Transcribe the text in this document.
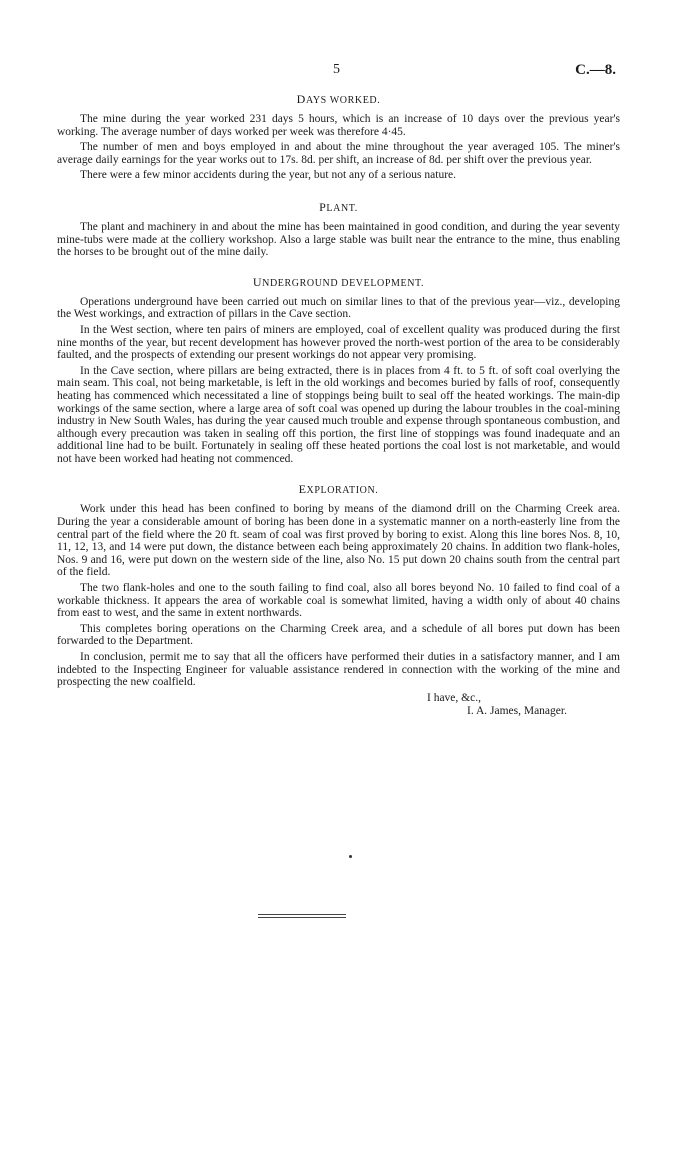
5	C.—8.
DAYS WORKED.

The mine during the year worked 231 days 5 hours, which is an increase of 10 days over the previous year's working. The average number of days worked per week was therefore 4·45.

The number of men and boys employed in and about the mine throughout the year averaged 105. The miner's average daily earnings for the year works out to 17s. 8d. per shift, an increase of 8d. per shift over the previous year.

There were a few minor accidents during the year, but not any of a serious nature.

PLANT.

The plant and machinery in and about the mine has been maintained in good condition, and during the year seventy mine-tubs were made at the colliery workshop. Also a large stable was built near the entrance to the mine, thus enabling the horses to be brought out of the mine daily.

UNDERGROUND DEVELOPMENT.

Operations underground have been carried out much on similar lines to that of the previous year—viz., developing the West workings, and extraction of pillars in the Cave section.

In the West section, where ten pairs of miners are employed, coal of excellent quality was produced during the first nine months of the year, but recent development has however proved the north-west portion of the area to be considerably faulted, and the prospects of extending our present workings do not appear very promising.

In the Cave section, where pillars are being extracted, there is in places from 4 ft. to 5 ft. of soft coal overlying the main seam. This coal, not being marketable, is left in the old workings and becomes buried by falls of roof, consequently heating has commenced which necessitated a line of stoppings being built to seal off the heated workings. The main-dip workings of the same section, where a large area of soft coal was opened up during the labour troubles in the coal-mining industry in New South Wales, has during the year caused much trouble and expense through spontaneous combustion, and although every precaution was taken in sealing off this portion, the first line of stoppings was found inadequate and an additional line had to be built. Fortunately in sealing off these heated portions the coal lost is not marketable, and would not have been worked had heating not commenced.

EXPLORATION.

Work under this head has been confined to boring by means of the diamond drill on the Charming Creek area. During the year a considerable amount of boring has been done in a systematic manner on a north-easterly line from the central part of the field where the 20 ft. seam of coal was first proved by boring to exist. Along this line bores Nos. 8, 10, 11, 12, 13, and 14 were put down, the distance between each being approximately 20 chains. In addition two flank-holes, Nos. 9 and 16, were put down on the western side of the line, also No. 15 put down 20 chains south from the central part of the field.

The two flank-holes and one to the south failing to find coal, also all bores beyond No. 10 failed to find coal of a workable thickness. It appears the area of workable coal is somewhat limited, having a width only of about 40 chains from east to west, and the same in extent northwards.

This completes boring operations on the Charming Creek area, and a schedule of all bores put down has been forwarded to the Department.

In conclusion, permit me to say that all the officers have performed their duties in a satisfactory manner, and I am indebted to the Inspecting Engineer for valuable assistance rendered in connection with the working of the mine and prospecting the new coalfield.

I have, &c.,
I. A. James, Manager.
